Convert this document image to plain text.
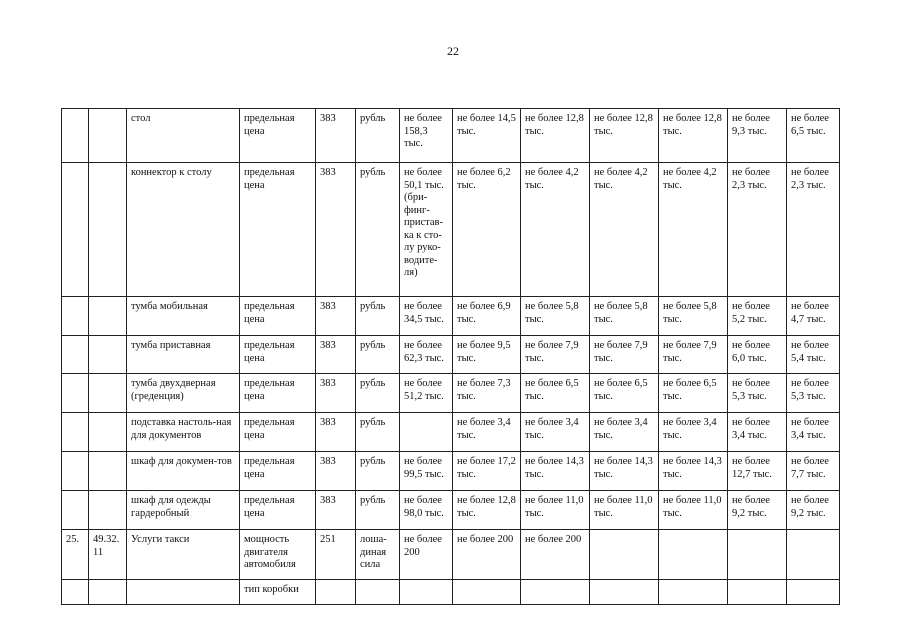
22
		стол	предельная цена	383	рубль	не более 158,3 тыс.	не более 14,5 тыс.	не более 12,8 тыс.	не более 12,8 тыс.	не более 12,8 тыс.	не более 9,3 тыс.	не более 6,5 тыс.
		коннектор к столу	предельная цена	383	рубль	не более 50,1 тыс. (бри-финг-пристав-ка к сто-лу руко-водите-ля)	не более 6,2 тыс.	не более 4,2 тыс.	не более 4,2 тыс.	не более 4,2 тыс.	не более 2,3 тыс.	не более 2,3 тыс.
		тумба мобильная	предельная цена	383	рубль	не более 34,5 тыс.	не более 6,9 тыс.	не более 5,8 тыс.	не более 5,8 тыс.	не более 5,8 тыс.	не более 5,2 тыс.	не более 4,7 тыс.
		тумба приставная	предельная цена	383	рубль	не более 62,3 тыс.	не более 9,5 тыс.	не более 7,9 тыс.	не более 7,9 тыс.	не более 7,9 тыс.	не более 6,0 тыс.	не более 5,4 тыс.
		тумба двухдверная (греденция)	предельная цена	383	рубль	не более 51,2 тыс.	не более 7,3 тыс.	не более 6,5 тыс.	не более 6,5 тыс.	не более 6,5 тыс.	не более 5,3 тыс.	не более 5,3 тыс.
		подставка настоль-ная для документов	предельная цена	383	рубль		не более 3,4 тыс.	не более 3,4 тыс.	не более 3,4 тыс.	не более 3,4 тыс.	не более 3,4 тыс.	не более 3,4 тыс.
		шкаф для докумен-тов	предельная цена	383	рубль	не более 99,5 тыс.	не более 17,2 тыс.	не более 14,3 тыс.	не более 14,3 тыс.	не более 14,3 тыс.	не более 12,7 тыс.	не более 7,7 тыс.
		шкаф для одежды гардеробный	предельная цена	383	рубль	не более 98,0 тыс.	не более 12,8 тыс.	не более 11,0 тыс.	не более 11,0 тыс.	не более 11,0 тыс.	не более 9,2 тыс.	не более 9,2 тыс.
25.	49.32. 11	Услуги такси	мощность двигателя автомобиля	251	лоша-диная сила	не более 200	не более 200	не более 200				
			тип коробки									
